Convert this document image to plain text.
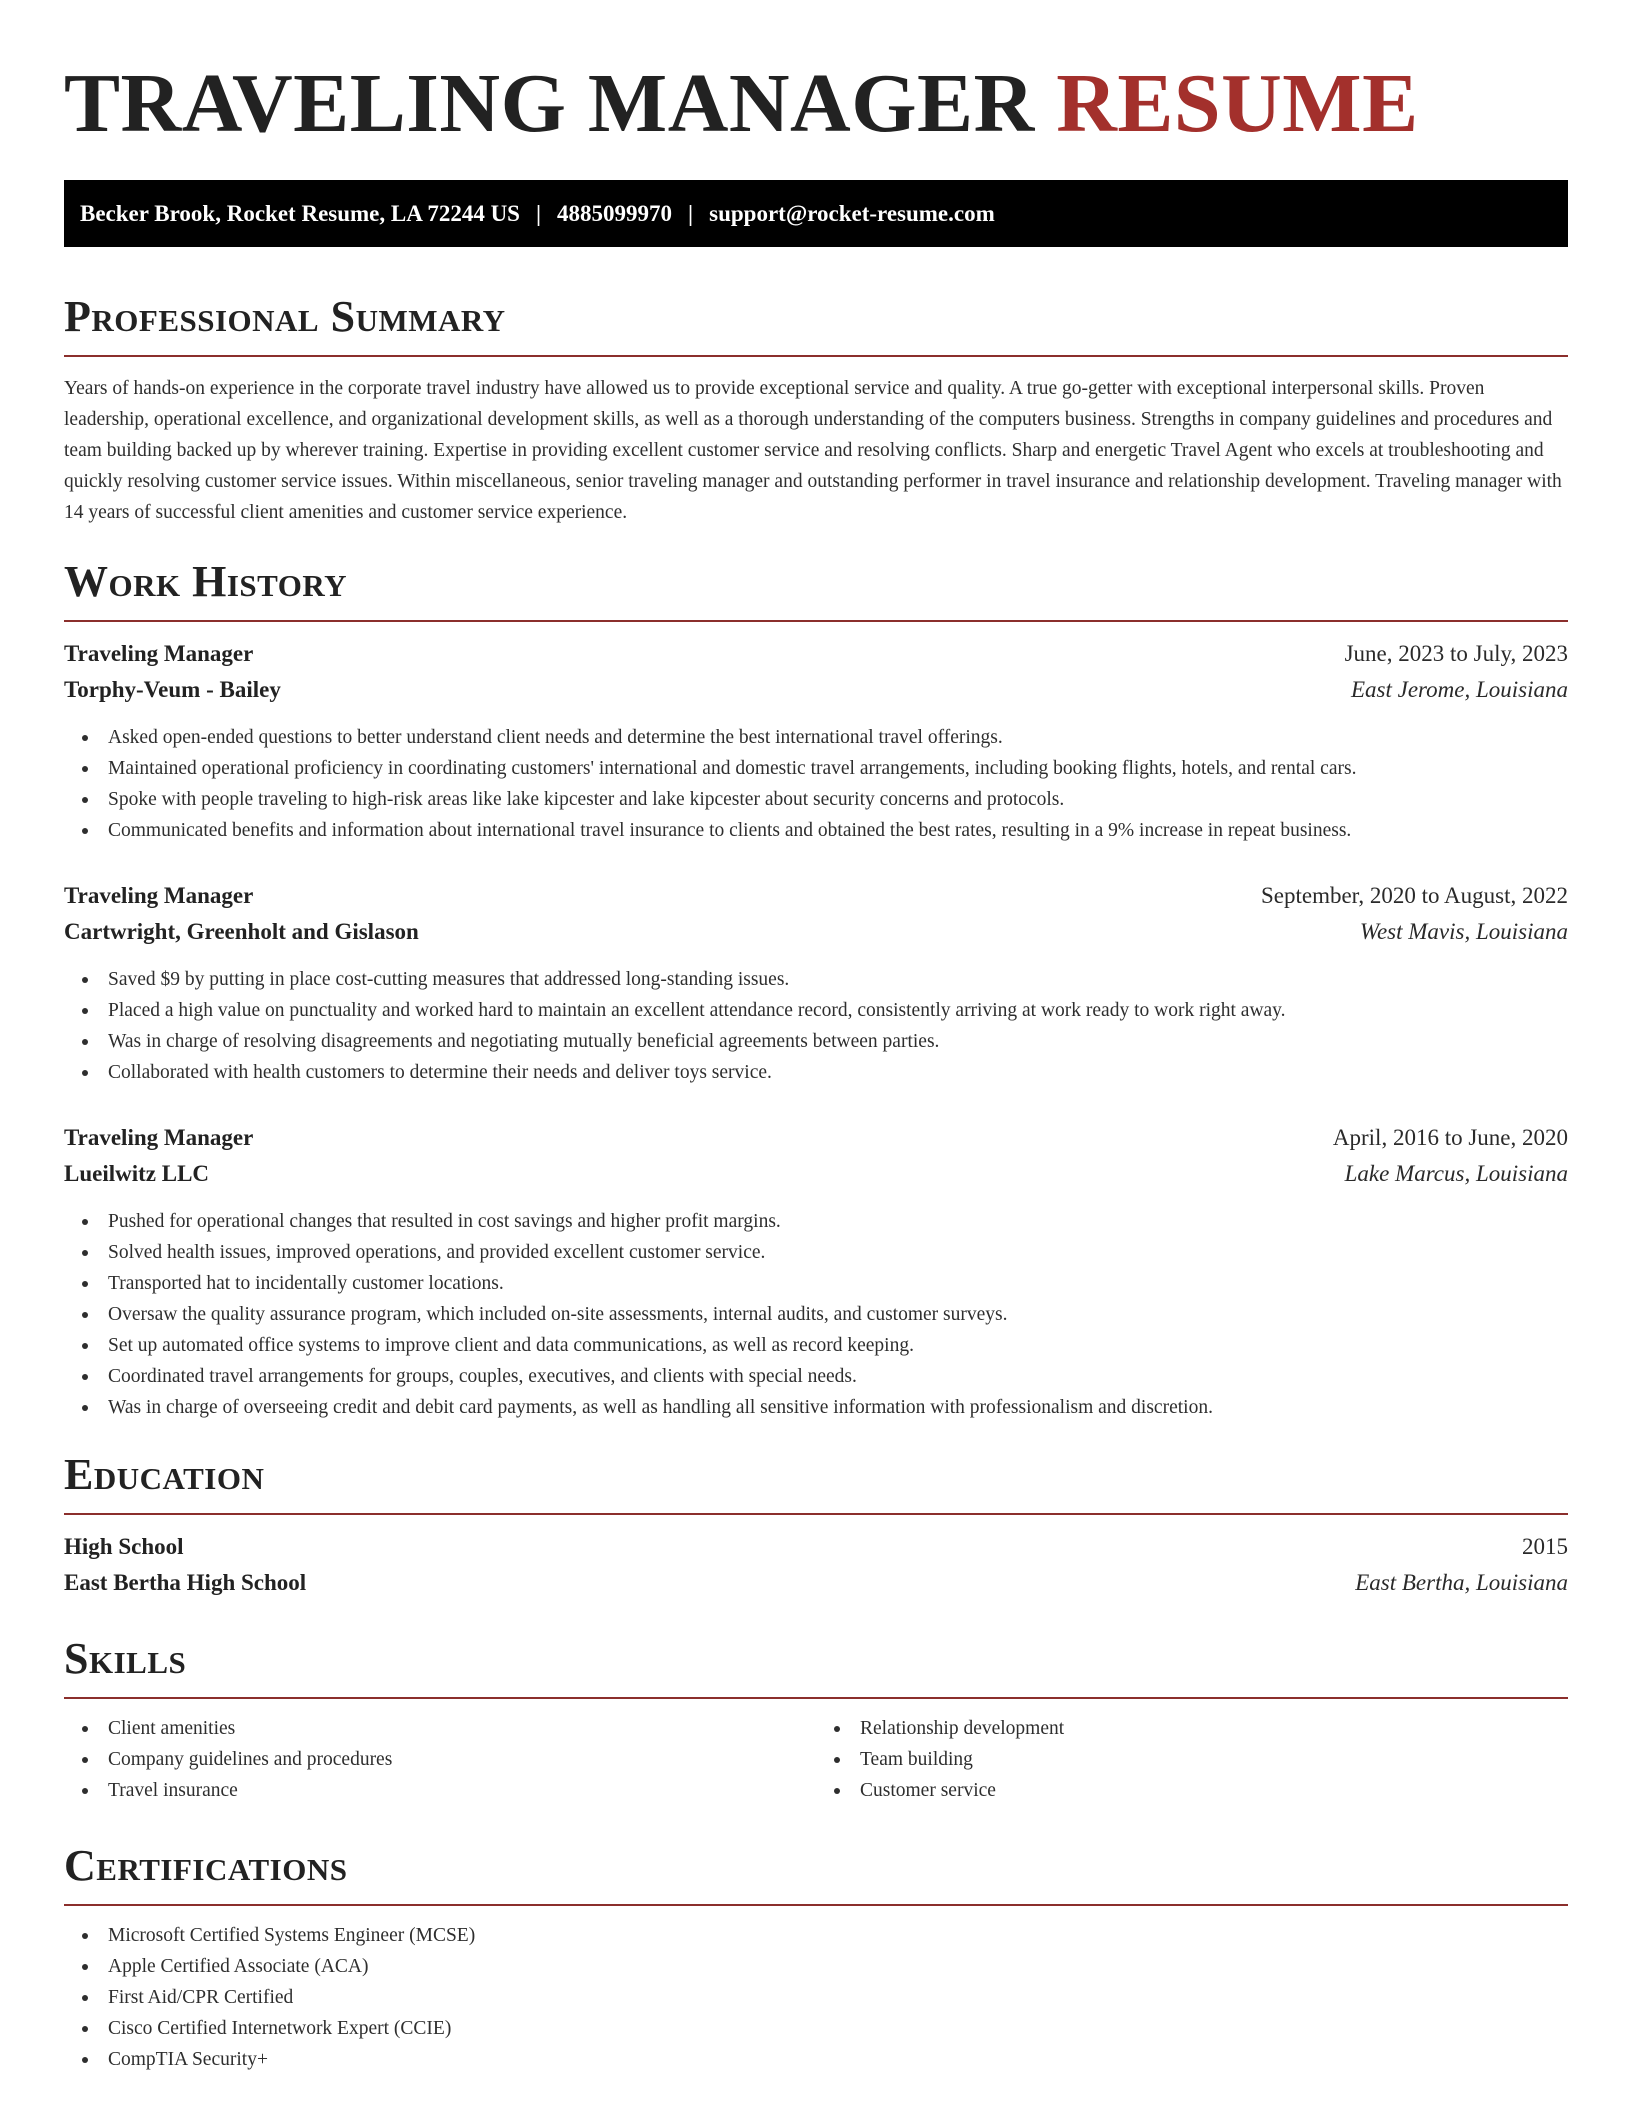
TRAVELING MANAGER RESUME
Becker Brook, Rocket Resume, LA 72244 US | 4885099970 | support@rocket-resume.com
Professional Summary

Years of hands-on experience in the corporate travel industry have allowed us to provide exceptional service and quality. A true go-getter with exceptional interpersonal skills. Proven leadership, operational excellence, and organizational development skills, as well as a thorough understanding of the computers business. Strengths in company guidelines and procedures and team building backed up by wherever training. Expertise in providing excellent customer service and resolving conflicts. Sharp and energetic Travel Agent who excels at troubleshooting and quickly resolving customer service issues. Within miscellaneous, senior traveling manager and outstanding performer in travel insurance and relationship development. Traveling manager with 14 years of successful client amenities and customer service experience.

Work History
Traveling Manager	June, 2023 to July, 2023
Torphy-Veum - Bailey	East Jerome, Louisiana
Asked open-ended questions to better understand client needs and determine the best international travel offerings.
Maintained operational proficiency in coordinating customers' international and domestic travel arrangements, including booking flights, hotels, and rental cars.
Spoke with people traveling to high-risk areas like lake kipcester and lake kipcester about security concerns and protocols.
Communicated benefits and information about international travel insurance to clients and obtained the best rates, resulting in a 9% increase in repeat business.
Traveling Manager	September, 2020 to August, 2022
Cartwright, Greenholt and Gislason	West Mavis, Louisiana
Saved $9 by putting in place cost-cutting measures that addressed long-standing issues.
Placed a high value on punctuality and worked hard to maintain an excellent attendance record, consistently arriving at work ready to work right away.
Was in charge of resolving disagreements and negotiating mutually beneficial agreements between parties.
Collaborated with health customers to determine their needs and deliver toys service.
Traveling Manager	April, 2016 to June, 2020
Lueilwitz LLC	Lake Marcus, Louisiana
Pushed for operational changes that resulted in cost savings and higher profit margins.
Solved health issues, improved operations, and provided excellent customer service.
Transported hat to incidentally customer locations.
Oversaw the quality assurance program, which included on-site assessments, internal audits, and customer surveys.
Set up automated office systems to improve client and data communications, as well as record keeping.
Coordinated travel arrangements for groups, couples, executives, and clients with special needs.
Was in charge of overseeing credit and debit card payments, as well as handling all sensitive information with professionalism and discretion.
Education
High School	2015
East Bertha High School	East Bertha, Louisiana
Skills
Client amenities
Company guidelines and procedures
Travel insurance
Relationship development
Team building
Customer service
Certifications
Microsoft Certified Systems Engineer (MCSE)
Apple Certified Associate (ACA)
First Aid/CPR Certified
Cisco Certified Internetwork Expert (CCIE)
CompTIA Security+
